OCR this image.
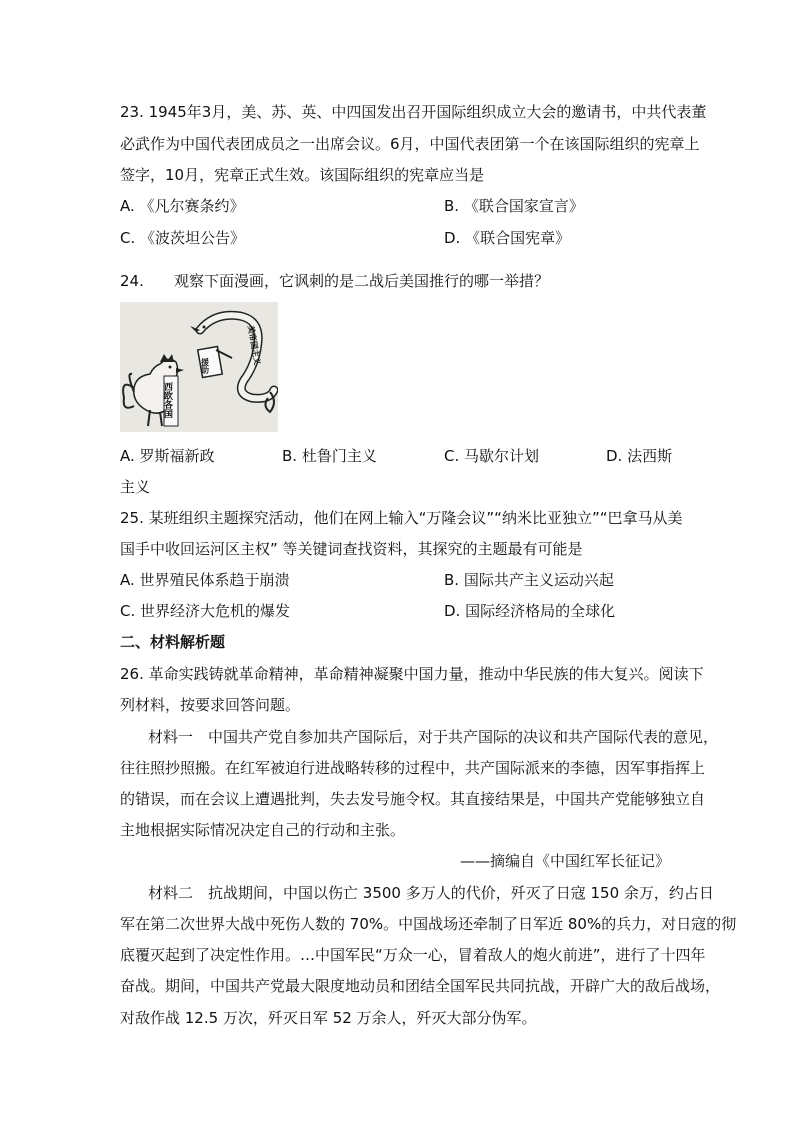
23. 1945年3月，美、苏、英、中四国发出召开国际组织成立大会的邀请书，中共代表董
必武作为中国代表团成员之一出席会议。6月，中国代表团第一个在该国际组织的宪章上
签字，10月，宪章正式生效。该国际组织的宪章应当是
A. 《凡尔赛条约》	B. 《联合国家宣言》
C. 《波茨坦公告》	D. 《联合国宪章》
24. 观察下面漫画，它讽刺的是二战后美国推行的哪一举措？
美帝国主义
援助
西欧各国
A. 罗斯福新政	B. 杜鲁门主义	C. 马歇尔计划	D. 法西斯
主义
25. 某班组织主题探究活动，他们在网上输入“万隆会议”“纳米比亚独立”“巴拿马从美
国手中收回运河区主权” 等关键词查找资料，其探究的主题最有可能是
A. 世界殖民体系趋于崩溃	B. 国际共产主义运动兴起
C. 世界经济大危机的爆发	D. 国际经济格局的全球化
二、材料解析题
26. 革命实践铸就革命精神，革命精神凝聚中国力量，推动中华民族的伟大复兴。阅读下
列材料，按要求回答问题。
材料一　中国共产党自参加共产国际后，对于共产国际的决议和共产国际代表的意见，
往往照抄照搬。在红军被迫行进战略转移的过程中，共产国际派来的李德，因军事指挥上
的错误，而在会议上遭遇批判，失去发号施令权。其直接结果是，中国共产党能够独立自
主地根据实际情况决定自己的行动和主张。
——摘编自《中国红军长征记》
材料二　抗战期间，中国以伤亡 3500 多万人的代价，歼灭了日寇 150 余万，约占日
军在第二次世界大战中死伤人数的 70%。中国战场还牵制了日军近 80%的兵力，对日寇的彻
底覆灭起到了决定性作用。…中国军民“万众一心，冒着敌人的炮火前进”，进行了十四年
奋战。期间，中国共产党最大限度地动员和团结全国军民共同抗战，开辟广大的敌后战场，
对敌作战 12.5 万次，歼灭日军 52 万余人，歼灭大部分伪军。
